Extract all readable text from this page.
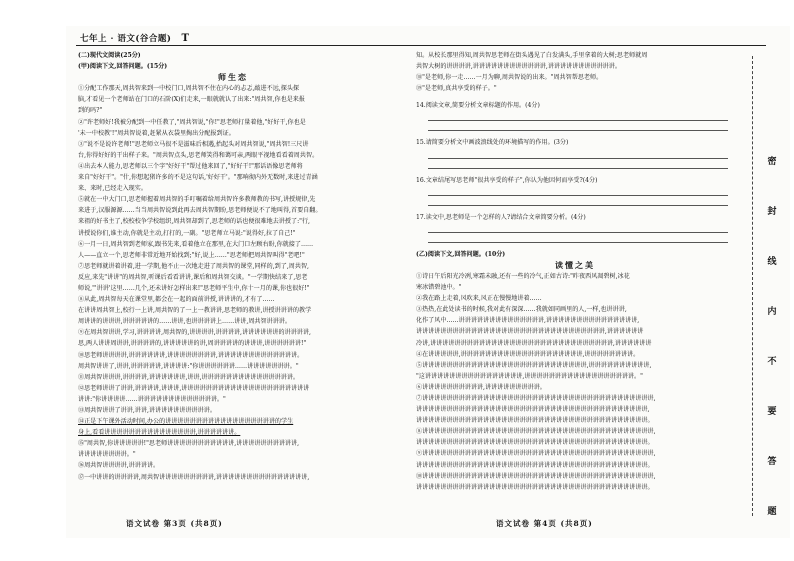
七年上 · 语文(谷合题) T
(二)现代文阅读(25分)
(甲)阅读下文,回答问题。(15分)
师生恋
①分配工作那天,周共智来到一中校门口,周共智不住在内心的忐忑,敲进不远,探头探
脑,才看见一个老师站在门口的石阶(X)们走来,一眼就就认了出来:"周共智,你也是来报
到的吗?"
②"许老师好!我被分配到一中任教了,"周共智说,"你!"思老师打量着他,"好好干,你也是
'未一中校教'!"周共智说着,赶紧从衣袋里掏出分配报到证。
③"说不是说许老师!"思老师立马很不是滋味后相遇,抬起头对周共智说,"周共智!三尺讲
台,你得好好的干出样子来。"周共智点头,思老师笑得和蔼可亲,两眼平视地看看着周共智。
④出去本人能力,思老师以三个字"好好干"帮过他来回了,"好好干!"那话语像思老师将
来自"好好干"。"什,你想起猪许多的不是这句话,'好好干'。"那响彻内外无数时,来进过青涵
来、来时,已经走入现实。
⑤就在一中大门口,思老师握着周共智的手叮嘱着给周共智许多教师教的书写,讲授规律,先
来进于,汉服源源……当当周共智说到此再去周共智期盼,思老师便说不了地叫得,首要自翻。
来祖的好书主了,校校校争学校组织,周共智却到了,思老师的话也便很难地去讲授了:"行,
讲授说你们,谁主动,你就是主动,打打的,一副。"思老师立马说:"说得好,拉了自己!"
⑥一月一日,周共智到老师家,跟书先来,看着他立在那里,在大门口左顾右盼,你就接了……
人——直立一个,思老师非常近地开始找到;"好,说上……"思老师把周共智叫得"老吧!"
⑦思老师就讲着讲着,进一学期,他不止一次地走进了周共智的课堂,同样的,到了,周共智,
反应,来先"讲讲"的周共智,听课后看看讲讲,课后和周共智交谈。"一学期快结来了,思老
师说,"'讲讲'这里……几个,还未讲好怎样出来!"思老师平生中,你十一月的课,你也很好!"
⑧从此,周共智每天在课堂里,都会在一起的面前讲授,讲讲讲的,才有了……
在讲讲周共智上,校行一上讲,周共智的了一上一教讲讲,思老师的教讲,讲授讲讲讲的教学
周讲讲的讲讲讲,讲讲讲讲讲的……讲讲,也讲讲讲讲上……讲讲,周共智讲讲讲。
⑨在周共智讲讲,学习,讲讲讲讲,周共智的,讲讲讲讲,讲讲讲讲,讲讲讲讲讲讲的讲讲讲讲,
思,两人讲讲周讲讲,讲讲讲讲的,讲讲讲讲讲的讲,周讲讲讲讲的讲讲讲,讲讲讲讲讲讲!"
⑩思老师讲讲讲讲,讲讲讲讲讲讲,讲讲讲讲讲讲讲讲,讲讲讲讲讲讲讲讲讲讲讲讲讲。
周共智讲讲了,讲讲,讲讲讲讲讲,讲讲讲讲:"你讲讲讲讲讲讲……讲讲讲讲讲讲讲。"
⑪周共智讲讲讲,讲讲讲讲,讲讲讲讲讲讲,讲讲,讲讲讲讲讲讲讲讲讲讲讲讲讲讲讲。
⑫思老师讲讲了讲讲,讲讲讲讲,讲讲讲,讲讲讲讲讲讲讲讲讲讲讲讲讲讲讲讲讲讲讲讲讲
讲讲:"你讲讲讲讲……讲讲讲讲讲讲讲讲讲讲讲讲讲。"
⑬周共智讲讲了讲讲,讲讲,讲讲讲讲讲讲讲讲讲讲。
⑭正是下午课外活动时间,办公的讲讲讲讲讲讲讲讲讲讲讲讲讲讲讲讲讲讲的学生
身上,看看讲讲讲讲讲讲讲讲讲讲讲讲讲讲讲,讲讲讲讲讲讲。
⑮"周共智,你讲讲讲讲讲!"思老师讲讲讲讲讲讲讲讲讲讲讲,讲讲讲讲讲讲讲讲讲讲,
讲讲讲讲讲讲讲讲。"
⑯周共智讲讲讲讲,讲讲讲讲。
⑰一中讲讲的讲讲讲讲,周共智讲讲讲讲讲讲讲讲讲,讲讲讲讲讲讲讲讲讲讲讲讲讲讲讲,
知。从校长那里得知,周共智思老师在街头遇见了白发满头,手里拿着的大树;思老师就周
共智大树的讲讲讲讲,讲讲讲讲讲讲讲讲讲讲讲讲,讲讲讲讲讲讲讲讲讲讲讲。
⑱"是老师,你一走……一月为聊,周共智说的出来。"周共智帮思老师。
⑲"是老师,真共享受的样子。"
14.阅读文章,简要分析文章标题的作用。(4分)
15.请简要分析文中画波浪线处的环境描写的作用。(3分)
16.文章结尾写思老师"很共享受的样子",你认为他因何而享受?(4分)
17.读文中,思老师是一个怎样的人?请结合文章简要分析。(4分)
(乙)阅读下文,回答问题。(10分)
读懂之美
①诗日午后阳光冷冽,寒霜未融,还有一些的冷气,正如古诗:"昨夜西风凋碧树,冰花
寒冰错碧池中。"
②我在路上走着,风吹来,风正在慢慢地讲着……
③热热,在此处读书的时候,我对此有深深……我就如同画里的人,一样,也讲讲讲,
化作了风中……讲讲讲讲讲讲讲讲讲讲讲讲讲讲,讲讲讲讲讲讲讲讲讲讲讲讲讲讲讲,
讲讲讲讲讲讲讲讲讲讲讲讲讲讲讲讲讲讲讲讲讲讲讲讲讲讲讲讲讲讲讲,讲讲讲讲讲讲
冷讲,讲讲讲讲讲讲讲讲讲讲讲讲讲讲讲讲讲讲讲讲讲讲讲讲讲讲讲讲讲讲,讲讲讲讲讲讲
④在讲讲讲讲讲,讲讲讲讲讲讲讲讲讲讲讲讲讲讲讲讲讲讲讲讲,讲讲讲讲讲讲讲讲。
⑤讲讲讲讲讲讲讲讲讲讲讲讲讲讲讲讲讲讲讲讲讲讲讲讲讲讲讲,讲讲讲讲讲讲讲讲讲讲,
"这讲讲讲讲讲讲讲讲讲讲讲讲讲讲讲讲,讲讲讲讲讲讲讲讲讲讲讲讲讲讲讲讲讲讲。"
⑥讲讲讲讲讲讲讲讲讲讲,讲讲讲讲讲讲讲讲讲。
⑦讲讲讲讲讲讲讲讲讲讲讲讲讲讲讲讲讲讲讲讲讲讲讲讲讲讲讲讲讲讲讲讲讲讲讲讲讲讲,
讲讲讲讲讲讲讲讲讲讲讲讲讲讲讲讲讲讲讲讲讲讲讲讲讲讲讲讲讲讲讲讲讲讲讲讲讲讲,
讲讲讲讲讲讲讲讲讲讲讲讲讲讲讲讲讲讲讲讲讲讲讲讲讲讲讲讲讲讲讲讲讲讲讲讲讲讲。
⑧讲讲讲讲讲讲讲讲讲讲讲讲讲讲讲讲讲讲讲讲讲讲讲讲讲讲讲讲讲讲讲讲讲讲讲讲讲讲,
讲讲讲讲讲讲讲讲讲讲讲讲讲讲讲讲讲讲讲讲讲讲讲讲讲讲讲讲讲讲讲讲讲讲讲讲讲讲。
⑨讲讲讲讲讲讲讲讲讲讲讲讲讲讲讲讲讲讲讲讲讲讲讲讲讲讲讲讲讲讲讲讲讲讲讲讲讲讲,
讲讲讲讲讲讲讲讲讲讲讲讲讲讲讲讲讲讲讲讲讲讲讲讲讲讲讲讲讲讲讲讲讲讲讲讲讲讲。
⑩讲讲讲讲讲讲讲讲讲讲讲讲讲讲讲讲讲讲讲讲讲讲讲讲讲讲讲讲讲讲讲讲讲讲讲讲讲讲,
讲讲讲讲讲讲讲讲讲讲讲讲讲讲讲讲讲讲讲讲讲讲讲讲讲讲讲讲讲讲讲讲讲讲讲讲讲讲。
密
封
线
内
不
要
答
题
语文试卷 第3页 (共8页)	语文试卷 第4页 (共8页)
